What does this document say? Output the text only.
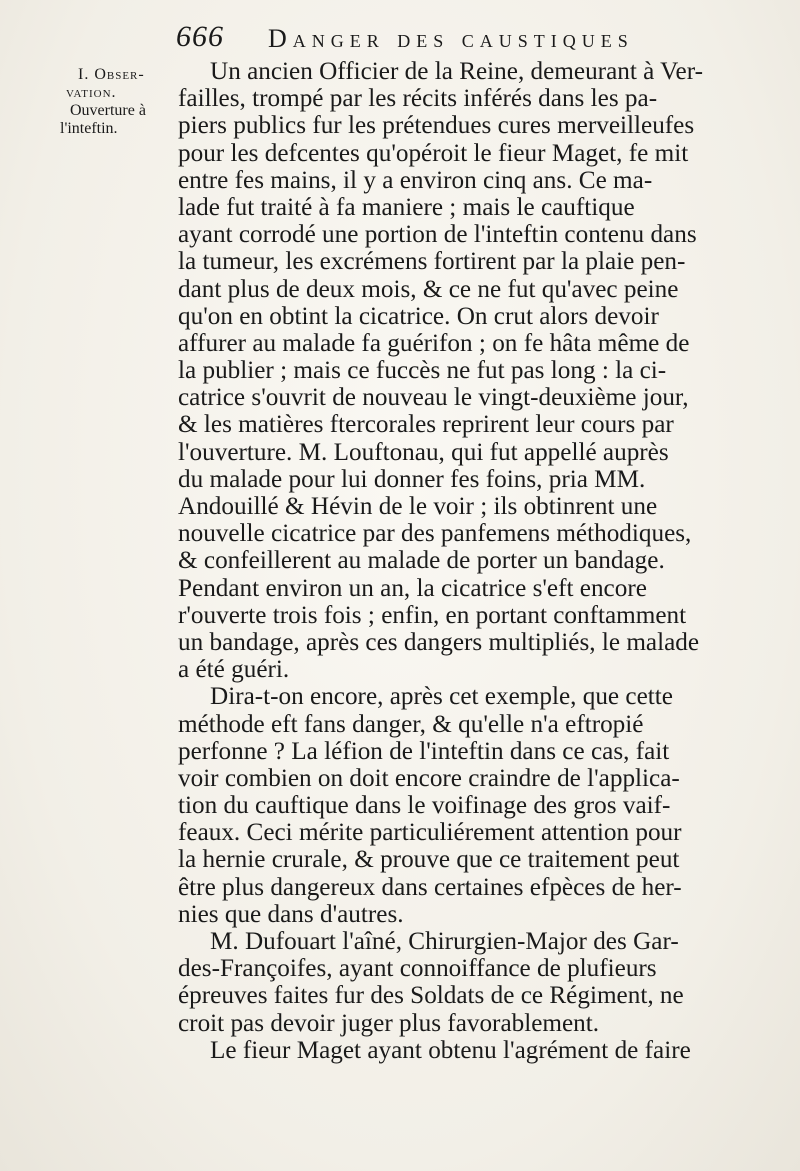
666 Danger des caustiques
I. Obser-
vation.
Ouverture à
l'inteftin.
Un ancien Officier de la Reine, demeurant à Ver-
failles, trompé par les récits inférés dans les pa-
piers publics fur les prétendues cures merveilleufes
pour les defcentes qu'opéroit le fieur Maget, fe mit
entre fes mains, il y a environ cinq ans. Ce ma-
lade fut traité à fa maniere ; mais le cauftique
ayant corrodé une portion de l'inteftin contenu dans
la tumeur, les excrémens fortirent par la plaie pen-
dant plus de deux mois, & ce ne fut qu'avec peine
qu'on en obtint la cicatrice. On crut alors devoir
affurer au malade fa guérifon ; on fe hâta même de
la publier ; mais ce fuccès ne fut pas long : la ci-
catrice s'ouvrit de nouveau le vingt-deuxième jour,
& les matières ftercorales reprirent leur cours par
l'ouverture. M. Louftonau, qui fut appellé auprès
du malade pour lui donner fes foins, pria MM.
Andouillé & Hévin de le voir ; ils obtinrent une
nouvelle cicatrice par des panfemens méthodiques,
& confeillerent au malade de porter un bandage.
Pendant environ un an, la cicatrice s'eft encore
r'ouverte trois fois ; enfin, en portant conftamment
un bandage, après ces dangers multipliés, le malade
a été guéri.
Dira-t-on encore, après cet exemple, que cette
méthode eft fans danger, & qu'elle n'a eftropié
perfonne ? La léfion de l'inteftin dans ce cas, fait
voir combien on doit encore craindre de l'applica-
tion du cauftique dans le voifinage des gros vaif-
feaux. Ceci mérite particuliérement attention pour
la hernie crurale, & prouve que ce traitement peut
être plus dangereux dans certaines efpèces de her-
nies que dans d'autres.
M. Dufouart l'aîné, Chirurgien-Major des Gar-
des-Françoifes, ayant connoiffance de plufieurs
épreuves faites fur des Soldats de ce Régiment, ne
croit pas devoir juger plus favorablement.
Le fieur Maget ayant obtenu l'agrément de faire
